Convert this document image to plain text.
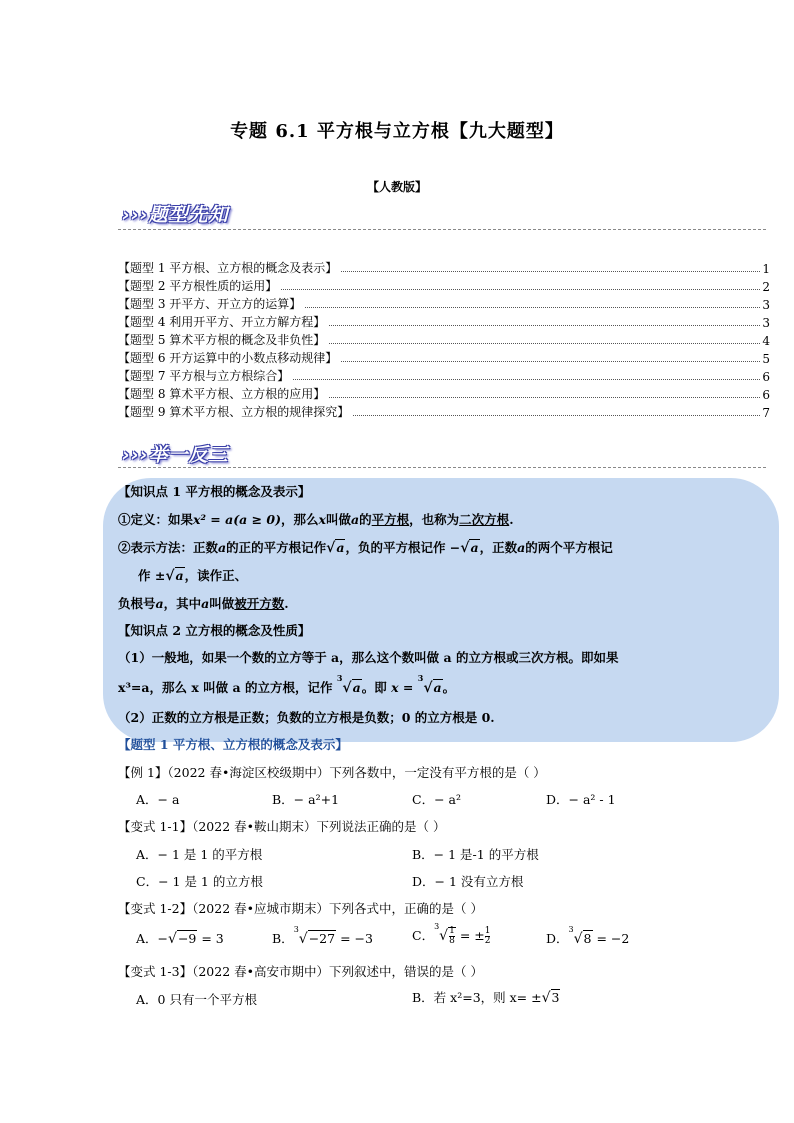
专题 6.1 平方根与立方根【九大题型】
【人教版】
›››题型先知
【题型 1 平方根、立方根的概念及表示】	1
【题型 2 平方根性质的运用】	2
【题型 3 开平方、开立方的运算】	3
【题型 4 利用开平方、开立方解方程】	3
【题型 5 算术平方根的概念及非负性】	4
【题型 6 开方运算中的小数点移动规律】	5
【题型 7 平方根与立方根综合】	6
【题型 8 算术平方根、立方根的应用】	6
【题型 9 算术平方根、立方根的规律探究】	7
›››举一反三
【知识点 1 平方根的概念及表示】
①定义：如果x² = a(a ≥ 0)，那么x叫做a的平方根，也称为二次方根.
②表示方法：正数a的正的平方根记作√a，负的平方根记作 −√a，正数a的两个平方根记
作 ±√a，读作正、
负根号a，其中a叫做被开方数.
【知识点 2 立方根的概念及性质】
（1）一般地，如果一个数的立方等于 a，那么这个数叫做 a 的立方根或三次方根。即如果
x³=a，那么 x 叫做 a 的立方根，记作 $^3$√a。即 x = $^3$√a。
（2）正数的立方根是正数；负数的立方根是负数；0 的立方根是 0.
【题型 1 平方根、立方根的概念及表示】
【例 1】（2022 春•海淀区校级期中）下列各数中，一定没有平方根的是（ ）
A．− a	B．− a²+1	C．− a²	D．− a² - 1
【变式 1-1】（2022 春•鞍山期末）下列说法正确的是（ ）
A．− 1 是 1 的平方根	B．− 1 是-1 的平方根
C．− 1 是 1 的立方根	D．− 1 没有立方根
【变式 1-2】（2022 春•应城市期末）下列各式中，正确的是（ ）
A．−√−9 = 3	B．$^3$√−27 = −3	C．$^3√ \frac{1}{8}$ = ± $\frac{1}{2}$	D．$^3$√8 = −2
【变式 1-3】（2022 春•高安市期中）下列叙述中，错误的是（ ）
A．0 只有一个平方根	B．若 x²=3，则 x= ±√3
